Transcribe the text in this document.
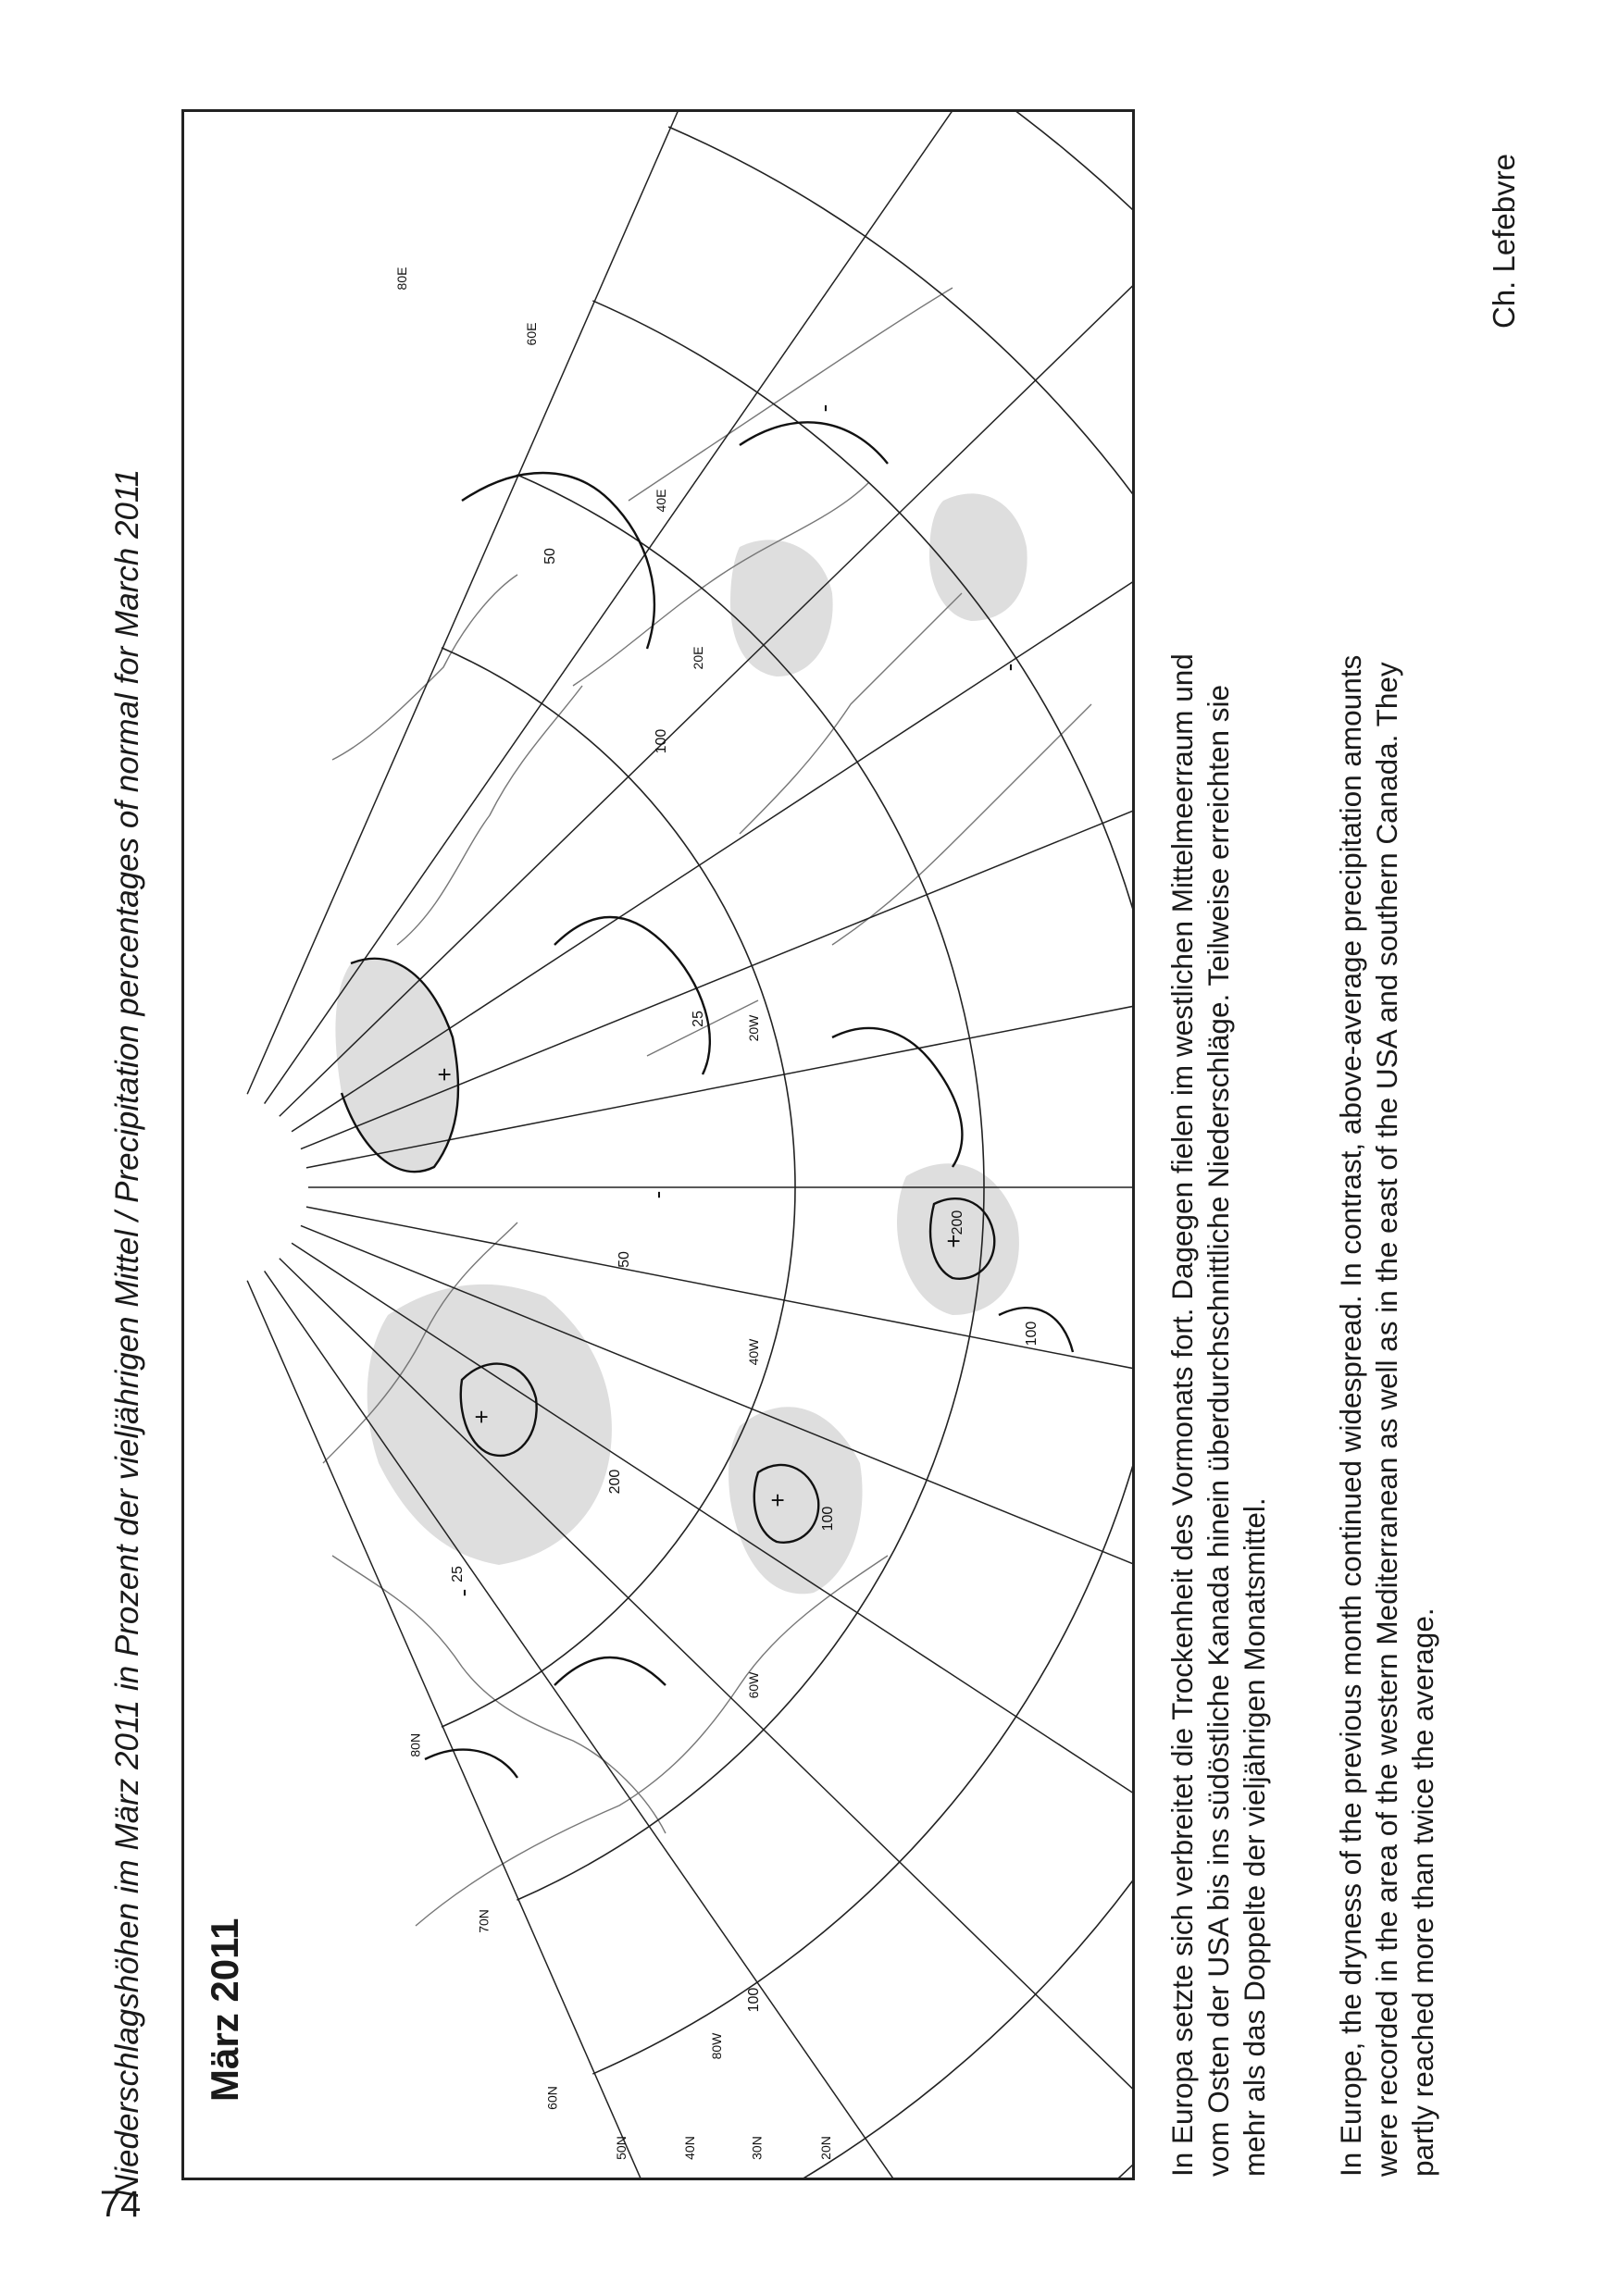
74
Niederschlagshöhen im März 2011 in Prozent der vieljährigen Mittel / Precipitation percentages of normal for March 2011	20N
30N
40N
50N
60N
70N
80N
80W
60W
40W
20W
20E
40E
60E
80E
200
100
50
100
200
25
50
100
100
25
+
+
+
+
-
-
-
-
März 2011	In Europa setzte sich verbreitet die Trockenheit des Vormonats fort. Dagegen fielen im westlichen Mittelmeerraum und vom Osten der USA bis ins südöstliche Kanada hinein überdurchschnittliche Niederschläge. Teilweise erreichten sie mehr als das Doppelte der vieljährigen Monatsmittel. In Europe, the dryness of the previous month continued widespread. In contrast, above-average precipitation amounts were recorded in the area of the western Mediterranean as well as in the east of the USA and southern Canada. They partly reached more than twice the average.
Ch. Lefebvre
